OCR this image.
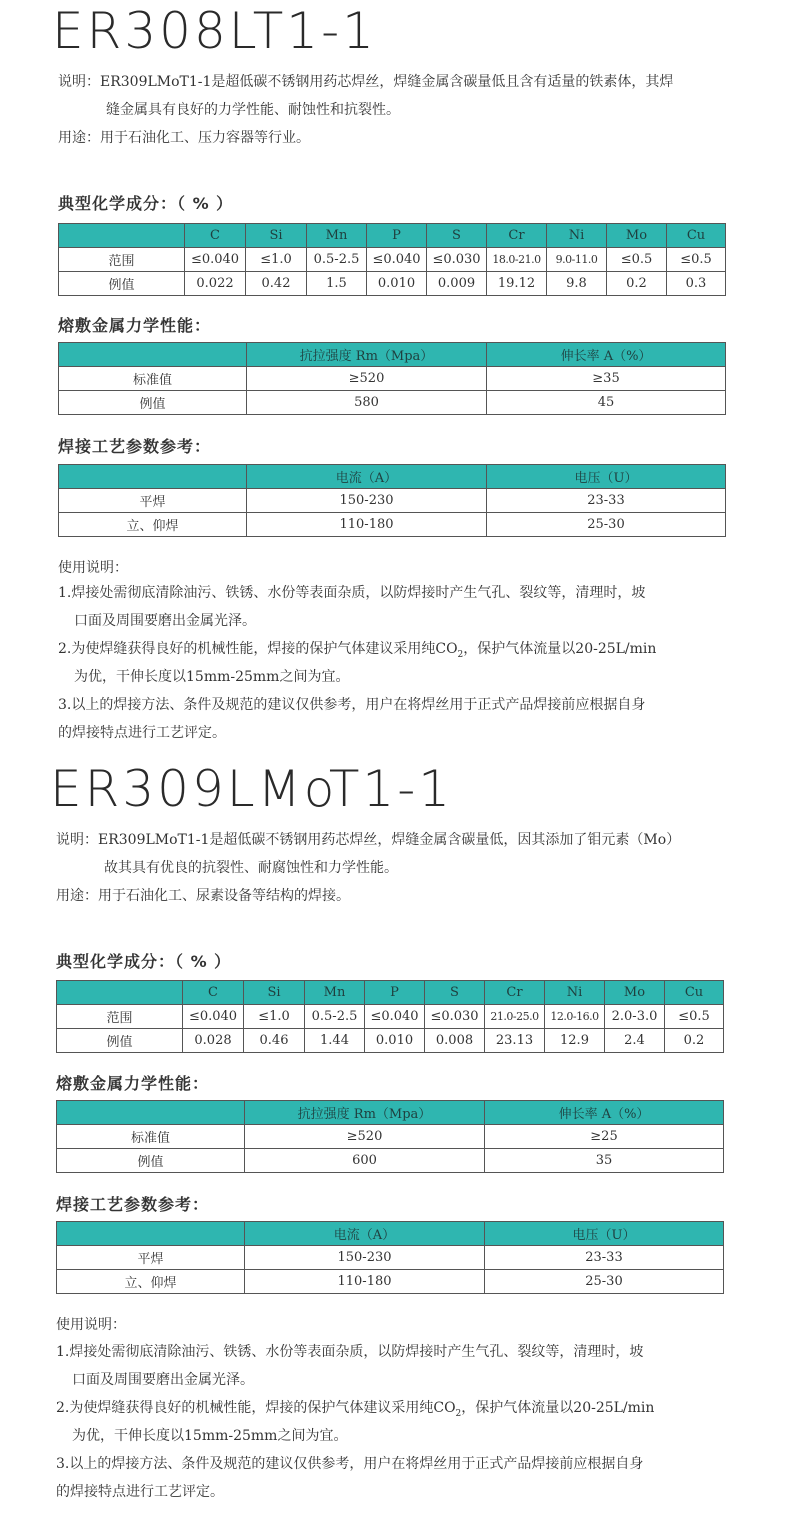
ER308LT1-1
说明：ER309LMoT1-1是超低碳不锈钢用药芯焊丝，焊缝金属含碳量低且含有适量的铁素体，其焊
缝金属具有良好的力学性能、耐蚀性和抗裂性。
用途：用于石油化工、压力容器等行业。
典型化学成分：（ % ）
	C	Si	Mn	P	S	Cr	Ni	Mo	Cu
范围	≤0.040	≤1.0	0.5-2.5	≤0.040	≤0.030	18.0-21.0	9.0-11.0	≤0.5	≤0.5
例值	0.022	0.42	1.5	0.010	0.009	19.12	9.8	0.2	0.3
熔敷金属力学性能：
	抗拉强度 Rm（Mpa）	伸长率 A（%）
标准值	≥520	≥35
例值	580	45
焊接工艺参数参考：
	电流（A）	电压（U）
平焊	150-230	23-33
立、仰焊	110-180	25-30
使用说明：
1.焊接处需彻底清除油污、铁锈、水份等表面杂质，以防焊接时产生气孔、裂纹等，清理时，坡
口面及周围要磨出金属光泽。
2.为使焊缝获得良好的机械性能，焊接的保护气体建议采用纯$CO_2$，保护气体流量以20-25L/min
为优，干伸长度以15mm-25mm之间为宜。
3.以上的焊接方法、条件及规范的建议仅供参考，用户在将焊丝用于正式产品焊接前应根据自身
的焊接特点进行工艺评定。
ER309LMoT1-1
说明：ER309LMoT1-1是超低碳不锈钢用药芯焊丝，焊缝金属含碳量低，因其添加了钼元素（Mo）
故其具有优良的抗裂性、耐腐蚀性和力学性能。
用途：用于石油化工、尿素设备等结构的焊接。
典型化学成分：（ % ）
	C	Si	Mn	P	S	Cr	Ni	Mo	Cu
范围	≤0.040	≤1.0	0.5-2.5	≤0.040	≤0.030	21.0-25.0	12.0-16.0	2.0-3.0	≤0.5
例值	0.028	0.46	1.44	0.010	0.008	23.13	12.9	2.4	0.2
熔敷金属力学性能：
	抗拉强度 Rm（Mpa）	伸长率 A（%）
标准值	≥520	≥25
例值	600	35
焊接工艺参数参考：
	电流（A）	电压（U）
平焊	150-230	23-33
立、仰焊	110-180	25-30
使用说明：
1.焊接处需彻底清除油污、铁锈、水份等表面杂质，以防焊接时产生气孔、裂纹等，清理时，坡
口面及周围要磨出金属光泽。
2.为使焊缝获得良好的机械性能，焊接的保护气体建议采用纯$CO_2$，保护气体流量以20-25L/min
为优，干伸长度以15mm-25mm之间为宜。
3.以上的焊接方法、条件及规范的建议仅供参考，用户在将焊丝用于正式产品焊接前应根据自身
的焊接特点进行工艺评定。
